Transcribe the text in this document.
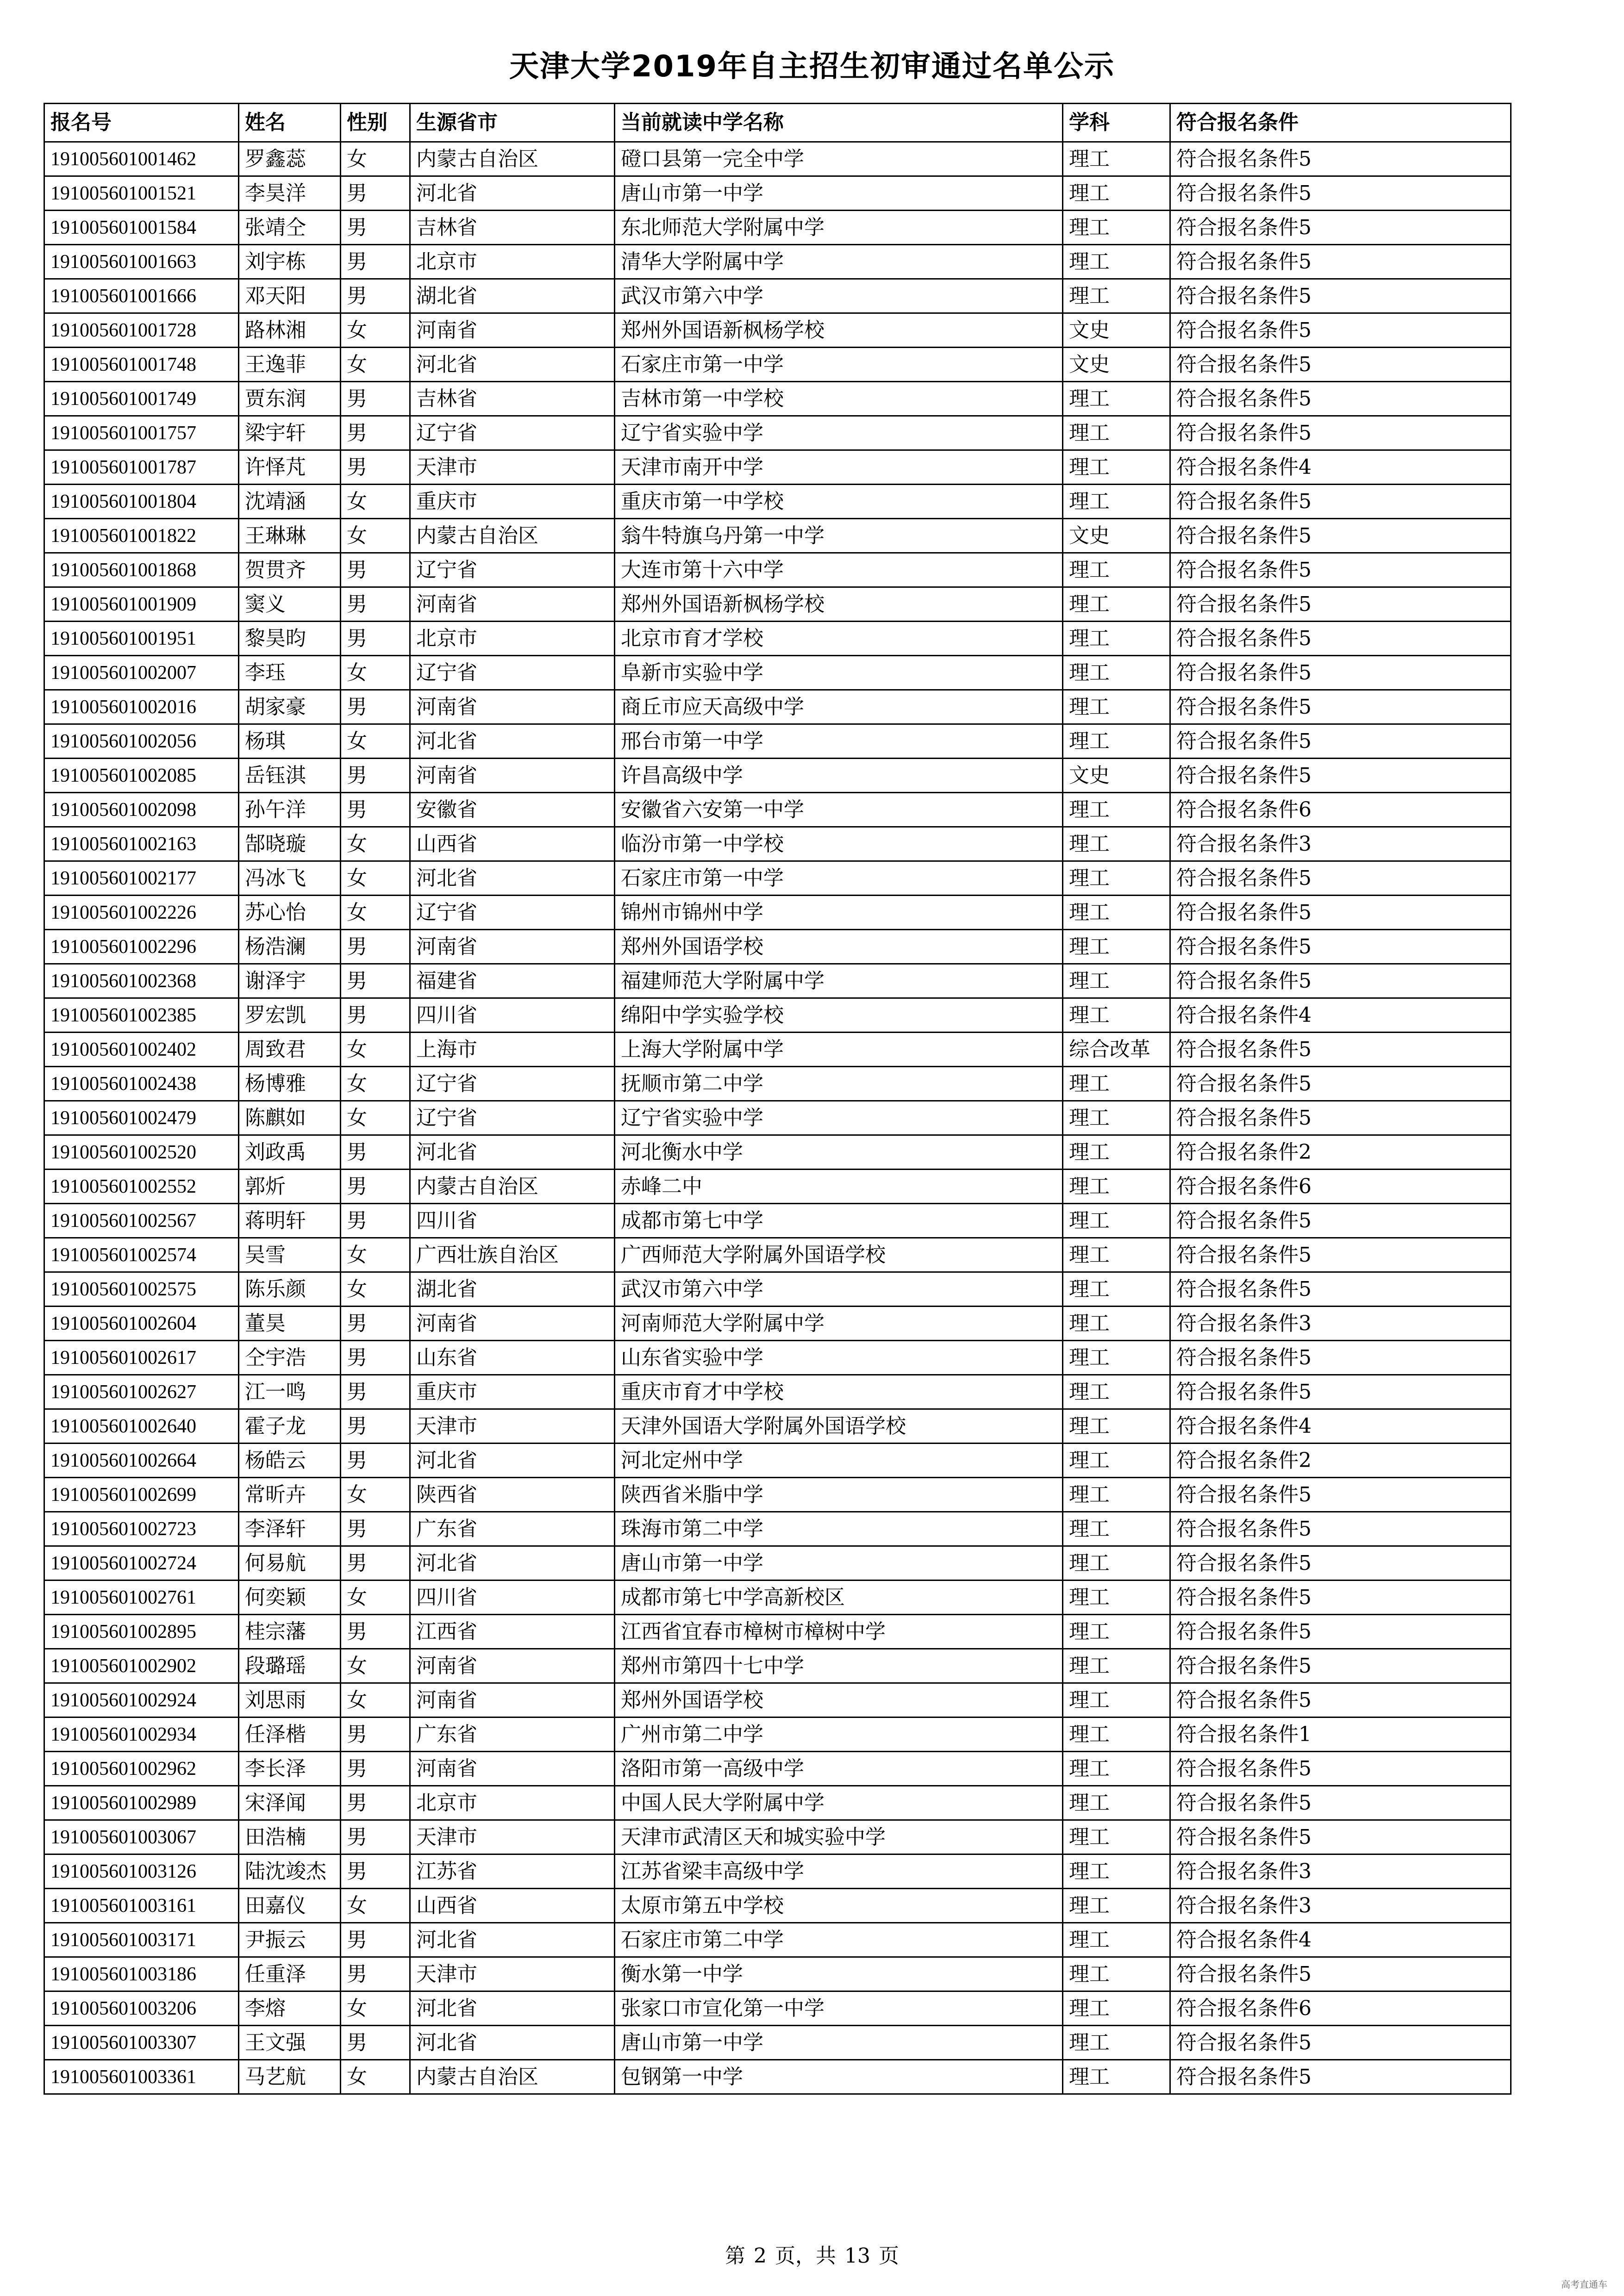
天津大学2019年自主招生初审通过名单公示
报名号	姓名	性别	生源省市	当前就读中学名称	学科	符合报名条件
191005601001462	罗鑫蕊	女	内蒙古自治区	磴口县第一完全中学	理工	符合报名条件5
191005601001521	李昊洋	男	河北省	唐山市第一中学	理工	符合报名条件5
191005601001584	张靖仝	男	吉林省	东北师范大学附属中学	理工	符合报名条件5
191005601001663	刘宇栋	男	北京市	清华大学附属中学	理工	符合报名条件5
191005601001666	邓天阳	男	湖北省	武汉市第六中学	理工	符合报名条件5
191005601001728	路林湘	女	河南省	郑州外国语新枫杨学校	文史	符合报名条件5
191005601001748	王逸菲	女	河北省	石家庄市第一中学	文史	符合报名条件5
191005601001749	贾东润	男	吉林省	吉林市第一中学校	理工	符合报名条件5
191005601001757	梁宇轩	男	辽宁省	辽宁省实验中学	理工	符合报名条件5
191005601001787	许怿芃	男	天津市	天津市南开中学	理工	符合报名条件4
191005601001804	沈靖涵	女	重庆市	重庆市第一中学校	理工	符合报名条件5
191005601001822	王琳琳	女	内蒙古自治区	翁牛特旗乌丹第一中学	文史	符合报名条件5
191005601001868	贺贯齐	男	辽宁省	大连市第十六中学	理工	符合报名条件5
191005601001909	窦义	男	河南省	郑州外国语新枫杨学校	理工	符合报名条件5
191005601001951	黎昊昀	男	北京市	北京市育才学校	理工	符合报名条件5
191005601002007	李珏	女	辽宁省	阜新市实验中学	理工	符合报名条件5
191005601002016	胡家豪	男	河南省	商丘市应天高级中学	理工	符合报名条件5
191005601002056	杨琪	女	河北省	邢台市第一中学	理工	符合报名条件5
191005601002085	岳钰淇	男	河南省	许昌高级中学	文史	符合报名条件5
191005601002098	孙午洋	男	安徽省	安徽省六安第一中学	理工	符合报名条件6
191005601002163	郜晓璇	女	山西省	临汾市第一中学校	理工	符合报名条件3
191005601002177	冯冰飞	女	河北省	石家庄市第一中学	理工	符合报名条件5
191005601002226	苏心怡	女	辽宁省	锦州市锦州中学	理工	符合报名条件5
191005601002296	杨浩澜	男	河南省	郑州外国语学校	理工	符合报名条件5
191005601002368	谢泽宇	男	福建省	福建师范大学附属中学	理工	符合报名条件5
191005601002385	罗宏凯	男	四川省	绵阳中学实验学校	理工	符合报名条件4
191005601002402	周致君	女	上海市	上海大学附属中学	综合改革	符合报名条件5
191005601002438	杨博雅	女	辽宁省	抚顺市第二中学	理工	符合报名条件5
191005601002479	陈麒如	女	辽宁省	辽宁省实验中学	理工	符合报名条件5
191005601002520	刘政禹	男	河北省	河北衡水中学	理工	符合报名条件2
191005601002552	郭炘	男	内蒙古自治区	赤峰二中	理工	符合报名条件6
191005601002567	蒋明轩	男	四川省	成都市第七中学	理工	符合报名条件5
191005601002574	吴雪	女	广西壮族自治区	广西师范大学附属外国语学校	理工	符合报名条件5
191005601002575	陈乐颜	女	湖北省	武汉市第六中学	理工	符合报名条件5
191005601002604	董昊	男	河南省	河南师范大学附属中学	理工	符合报名条件3
191005601002617	仝宇浩	男	山东省	山东省实验中学	理工	符合报名条件5
191005601002627	江一鸣	男	重庆市	重庆市育才中学校	理工	符合报名条件5
191005601002640	霍子龙	男	天津市	天津外国语大学附属外国语学校	理工	符合报名条件4
191005601002664	杨皓云	男	河北省	河北定州中学	理工	符合报名条件2
191005601002699	常昕卉	女	陕西省	陕西省米脂中学	理工	符合报名条件5
191005601002723	李泽轩	男	广东省	珠海市第二中学	理工	符合报名条件5
191005601002724	何易航	男	河北省	唐山市第一中学	理工	符合报名条件5
191005601002761	何奕颖	女	四川省	成都市第七中学高新校区	理工	符合报名条件5
191005601002895	桂宗藩	男	江西省	江西省宜春市樟树市樟树中学	理工	符合报名条件5
191005601002902	段璐瑶	女	河南省	郑州市第四十七中学	理工	符合报名条件5
191005601002924	刘思雨	女	河南省	郑州外国语学校	理工	符合报名条件5
191005601002934	任泽楷	男	广东省	广州市第二中学	理工	符合报名条件1
191005601002962	李长泽	男	河南省	洛阳市第一高级中学	理工	符合报名条件5
191005601002989	宋泽闻	男	北京市	中国人民大学附属中学	理工	符合报名条件5
191005601003067	田浩楠	男	天津市	天津市武清区天和城实验中学	理工	符合报名条件5
191005601003126	陆沈竣杰	男	江苏省	江苏省梁丰高级中学	理工	符合报名条件3
191005601003161	田嘉仪	女	山西省	太原市第五中学校	理工	符合报名条件3
191005601003171	尹振云	男	河北省	石家庄市第二中学	理工	符合报名条件4
191005601003186	任重泽	男	天津市	衡水第一中学	理工	符合报名条件5
191005601003206	李熔	女	河北省	张家口市宣化第一中学	理工	符合报名条件6
191005601003307	王文强	男	河北省	唐山市第一中学	理工	符合报名条件5
191005601003361	马艺航	女	内蒙古自治区	包钢第一中学	理工	符合报名条件5
第 2 页，共 13 页
高考直通车
